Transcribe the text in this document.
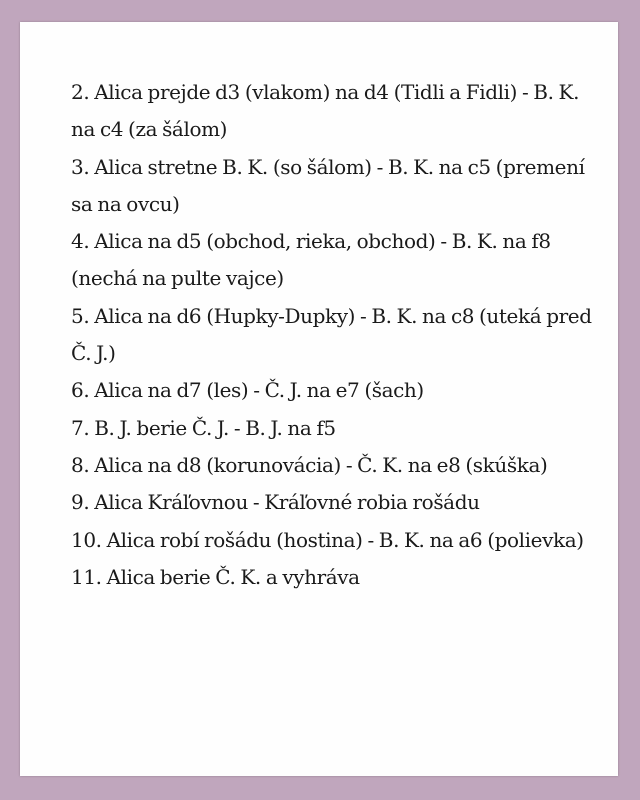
2. Alica prejde d3 (vlakom) na d4 (Tidli a Fidli) - B. K. na c4 (za šálom)
3. Alica stretne B. K. (so šálom) - B. K. na c5 (premení sa na ovcu)
4. Alica na d5 (obchod, rieka, obchod) - B. K. na f8 (nechá na pulte vajce)
5. Alica na d6 (Hupky-Dupky) - B. K. na c8 (uteká pred Č. J.)
6. Alica na d7 (les) - Č. J. na e7 (šach)
7. B. J. berie Č. J. - B. J. na f5
8. Alica na d8 (korunovácia) - Č. K. na e8 (skúška)
9. Alica Kráľovnou - Kráľovné robia rošádu
10. Alica robí rošádu (hostina) - B. K. na a6 (polievka)
11. Alica berie Č. K. a vyhráva
